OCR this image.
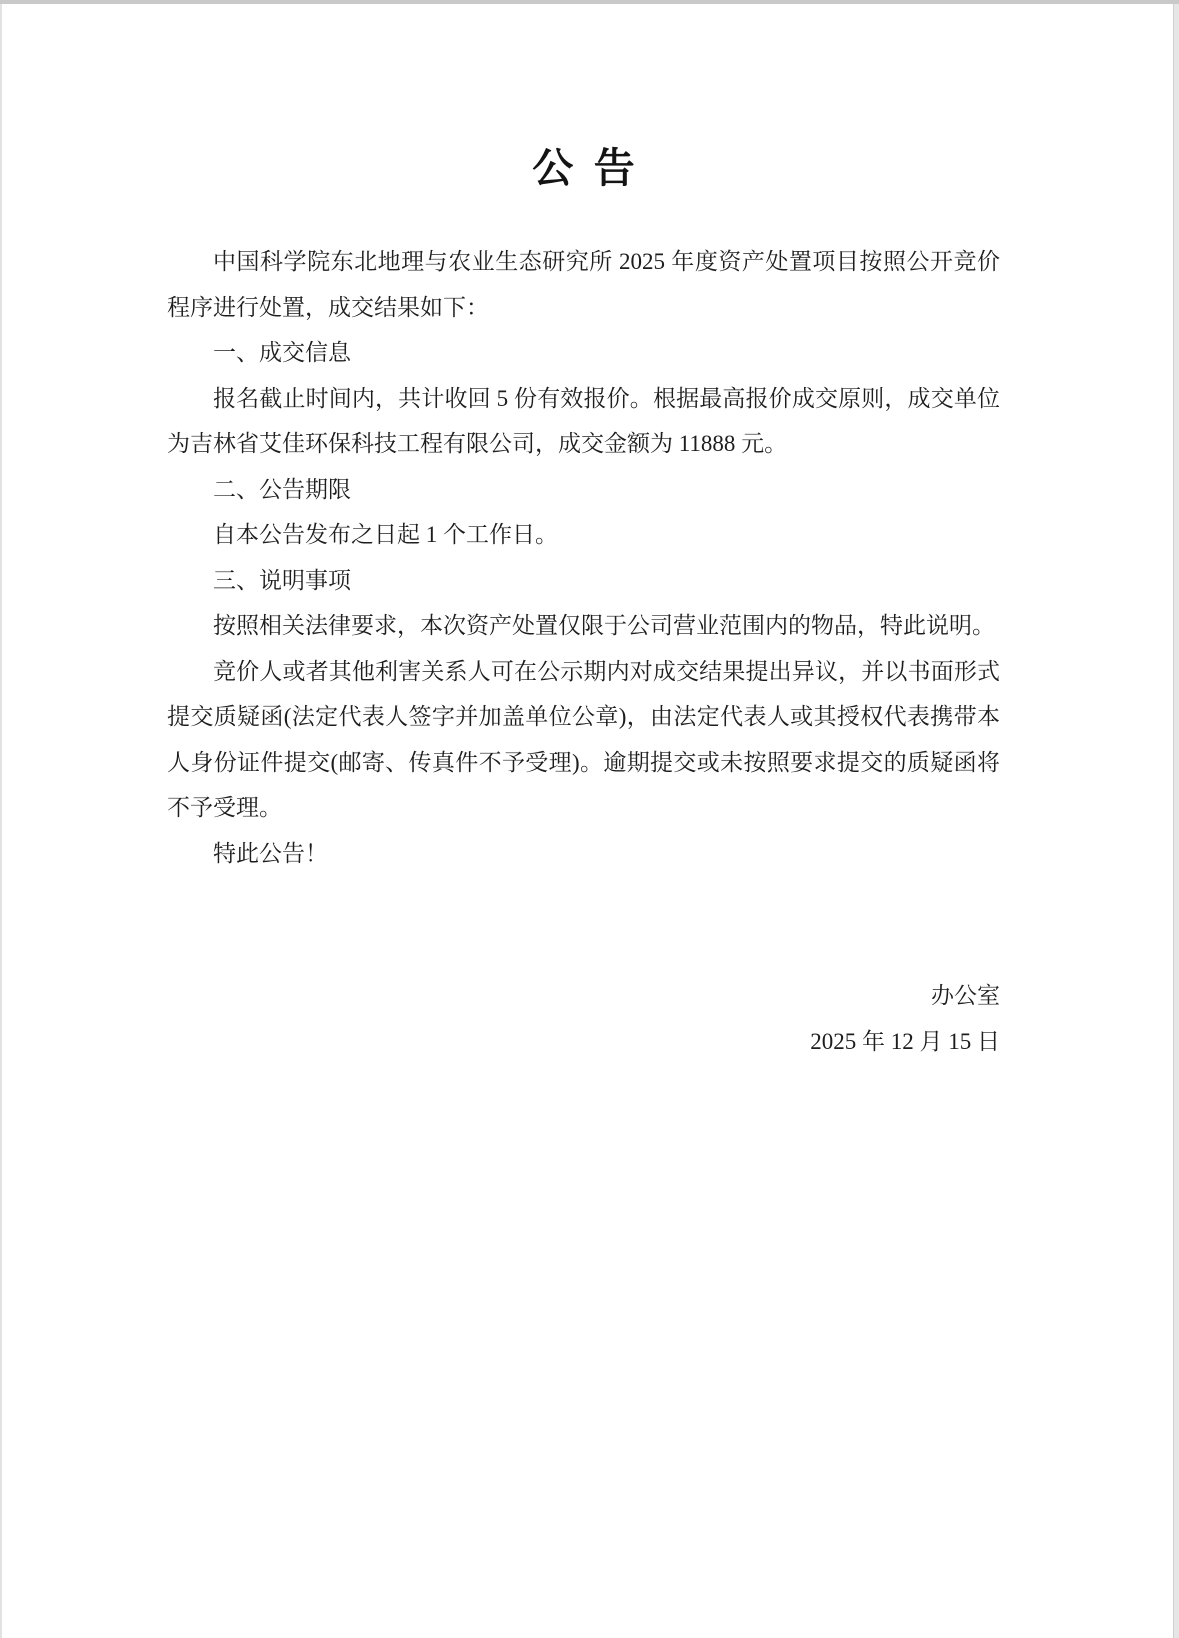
公  告

中国科学院东北地理与农业生态研究所 2025 年度资产处置项目按照公开竞价程序进行处置，成交结果如下：

一、成交信息

报名截止时间内，共计收回 5 份有效报价。根据最高报价成交原则，成交单位为吉林省艾佳环保科技工程有限公司，成交金额为 11888 元。

二、公告期限

自本公告发布之日起 1 个工作日。

三、说明事项

按照相关法律要求，本次资产处置仅限于公司营业范围内的物品，特此说明。

竞价人或者其他利害关系人可在公示期内对成交结果提出异议，并以书面形式提交质疑函(法定代表人签字并加盖单位公章)，由法定代表人或其授权代表携带本人身份证件提交(邮寄、传真件不予受理)。逾期提交或未按照要求提交的质疑函将不予受理。

特此公告！

办公室

2025 年 12 月 15 日
